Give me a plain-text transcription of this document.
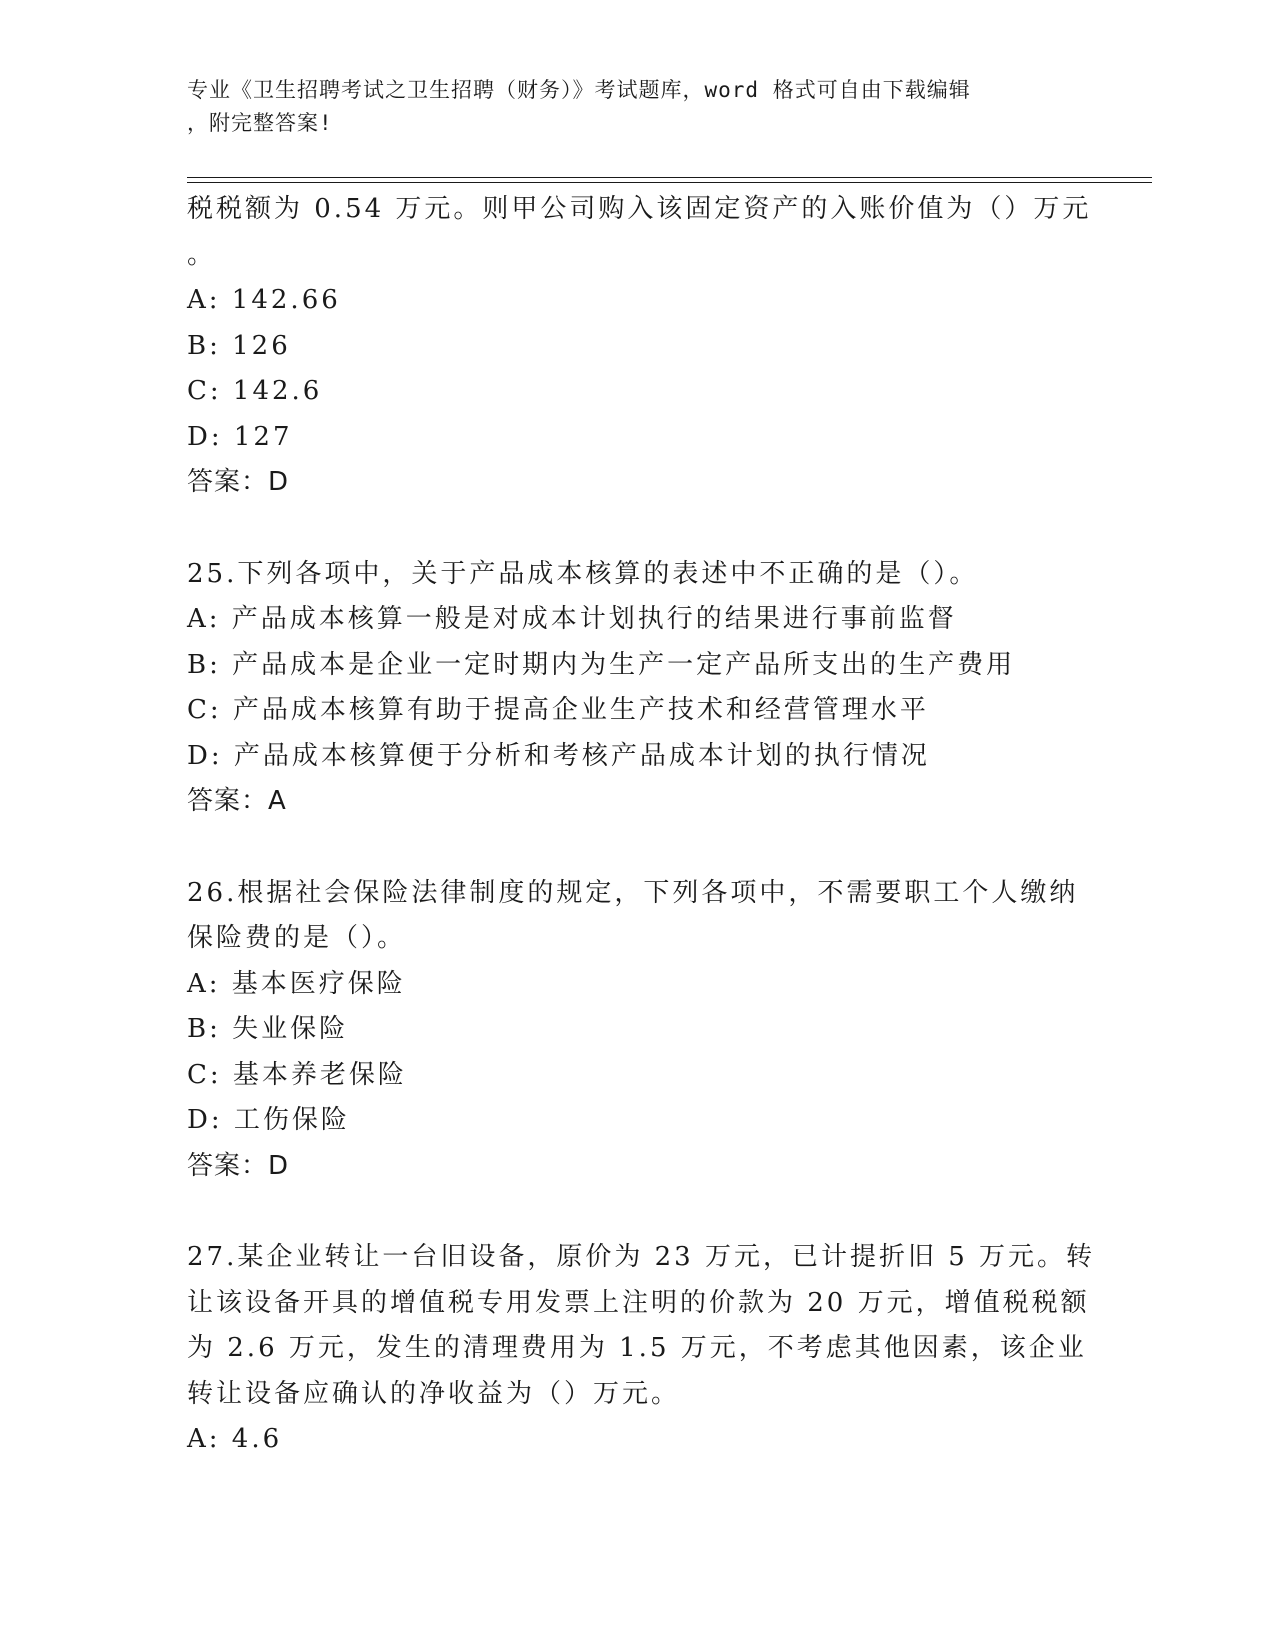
专业《卫生招聘考试之卫生招聘（财务）》考试题库，word 格式可自由下载编辑
，附完整答案!
税税额为 0.54 万元。则甲公司购入该固定资产的入账价值为（）万元
。
A: 142.66
B: 126
C: 142.6
D: 127
答案：D
25.下列各项中，关于产品成本核算的表述中不正确的是（）。
A: 产品成本核算一般是对成本计划执行的结果进行事前监督
B: 产品成本是企业一定时期内为生产一定产品所支出的生产费用
C: 产品成本核算有助于提高企业生产技术和经营管理水平
D: 产品成本核算便于分析和考核产品成本计划的执行情况
答案：A
26.根据社会保险法律制度的规定，下列各项中，不需要职工个人缴纳
保险费的是（）。
A: 基本医疗保险
B: 失业保险
C: 基本养老保险
D: 工伤保险
答案：D
27.某企业转让一台旧设备，原价为 23 万元，已计提折旧 5 万元。转
让该设备开具的增值税专用发票上注明的价款为 20 万元，增值税税额
为 2.6 万元，发生的清理费用为 1.5 万元，不考虑其他因素，该企业
转让设备应确认的净收益为（）万元。
A: 4.6
